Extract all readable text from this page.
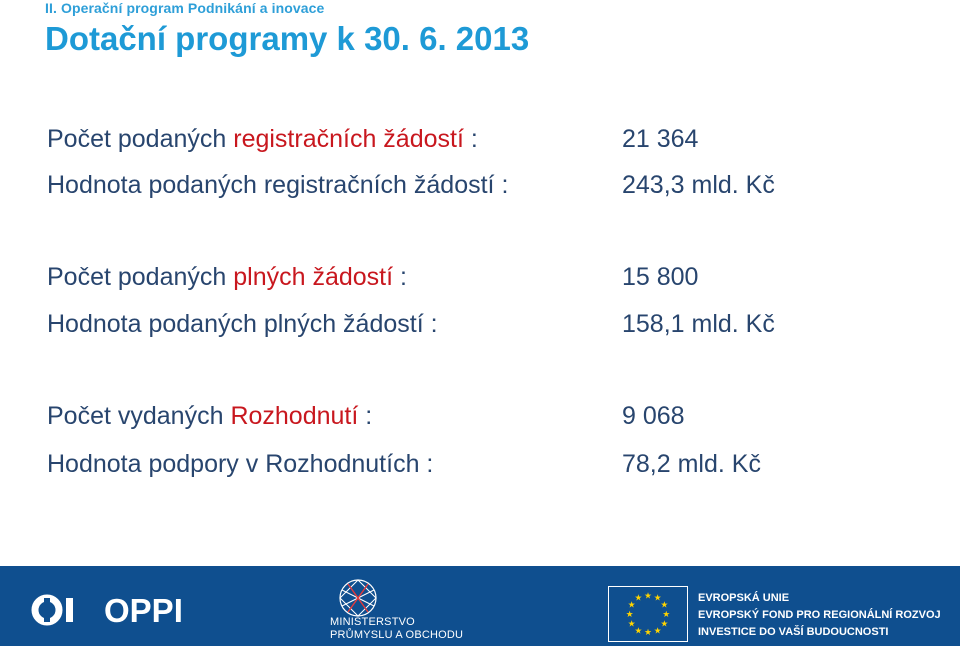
II. Operační program Podnikání a inovace
Dotační programy k 30. 6. 2013
Počet podaných registračních žádostí :	21 364
Hodnota podaných registračních žádostí :	243,3 mld. Kč
Počet podaných plných žádostí :	15 800
Hodnota podaných plných žádostí :	158,1 mld. Kč
Počet vydaných Rozhodnutí :	9 068
Hodnota podpory v Rozhodnutích :	78,2 mld. Kč
OPPI	MINISTERSTVO
PRŮMYSLU A OBCHODU
★ ★
★
★
★
★
★
★
★
★
★
★	EVROPSKÁ UNIE
EVROPSKÝ FOND PRO REGIONÁLNÍ ROZVOJ
INVESTICE DO VAŠÍ BUDOUCNOSTI
